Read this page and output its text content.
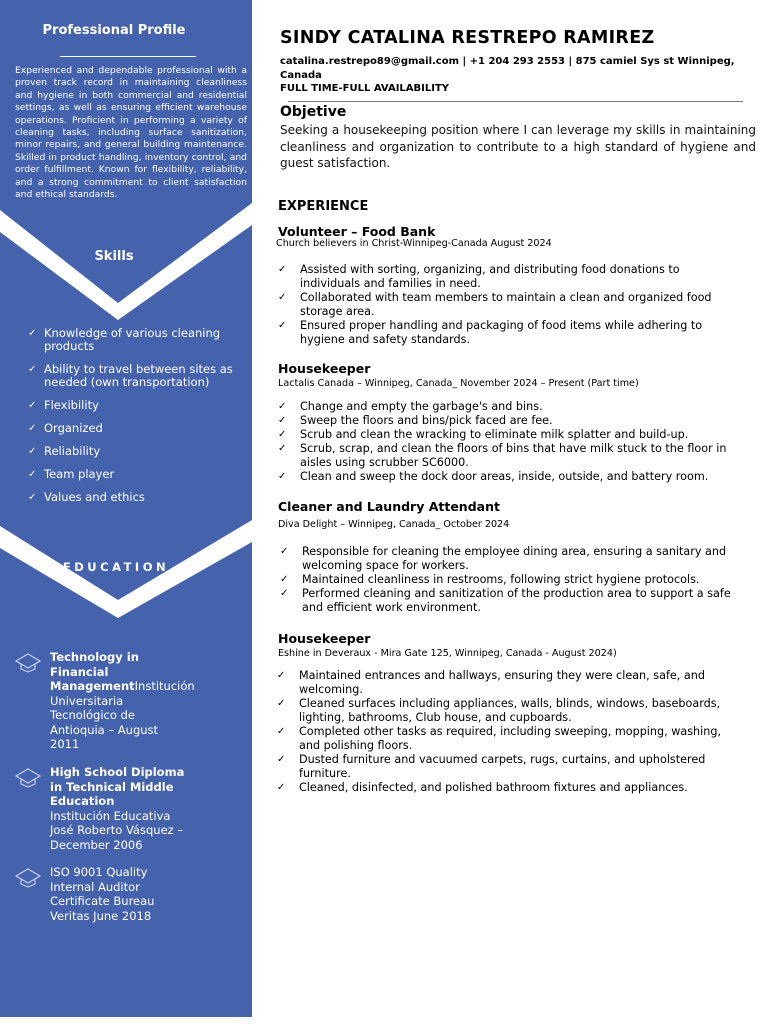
Professional Profile
Experienced and dependable professional with a proven track record in maintaining cleanliness and hygiene in both commercial and residential settings, as well as ensuring efficient warehouse operations. Proficient in performing a variety of cleaning tasks, including surface sanitization, minor repairs, and general building maintenance. Skilled in product handling, inventory control, and order fulfillment. Known for flexibility, reliability, and a strong commitment to client satisfaction and ethical standards.
Skills
✓ Knowledge of various cleaning products
✓ Ability to travel between sites as needed (own transportation)
✓ Flexibility
✓ Organized
✓ Reliability
✓ Team player
✓ Values and ethics
EDUCATION
Technology in Financial ManagementInstitución Universitaria Tecnológico de Antioquia – August 2011
High School Diploma in Technical Middle Education
Institución Educativa José Roberto Vásquez – December 2006
ISO 9001 Quality Internal Auditor Certificate Bureau Veritas June 2018
SINDY CATALINA RESTREPO RAMIREZ
catalina.restrepo89@gmail.com | +1 204 293 2553 | 875 camiel Sys st Winnipeg, Canada
FULL TIME-FULL AVAILABILITY
Objetive
Seeking a housekeeping position where I can leverage my skills in maintaining cleanliness and organization to contribute to a high standard of hygiene and guest satisfaction.
EXPERIENCE
Volunteer – Food Bank
Church believers in Christ-Winnipeg-Canada August 2024
✓ Assisted with sorting, organizing, and distributing food donations to individuals and families in need.
✓ Collaborated with team members to maintain a clean and organized food storage area.
✓ Ensured proper handling and packaging of food items while adhering to hygiene and safety standards.
Housekeeper
Lactalis Canada – Winnipeg, Canada_ November 2024 – Present (Part time)
✓ Change and empty the garbage's and bins.
✓ Sweep the floors and bins/pick faced are fee.
✓ Scrub and clean the wracking to eliminate milk splatter and build-up.
✓ Scrub, scrap, and clean the floors of bins that have milk stuck to the floor in aisles using scrubber SC6000.
✓ Clean and sweep the dock door areas, inside, outside, and battery room.
Cleaner and Laundry Attendant
Diva Delight – Winnipeg, Canada_ October 2024
✓ Responsible for cleaning the employee dining area, ensuring a sanitary and welcoming space for workers.
✓ Maintained cleanliness in restrooms, following strict hygiene protocols.
✓ Performed cleaning and sanitization of the production area to support a safe and efficient work environment.
Housekeeper
Eshine in Deveraux - Mira Gate 125, Winnipeg, Canada - August 2024)
✓ Maintained entrances and hallways, ensuring they were clean, safe, and welcoming.
✓ Cleaned surfaces including appliances, walls, blinds, windows, baseboards, lighting, bathrooms, Club house, and cupboards.
✓ Completed other tasks as required, including sweeping, mopping, washing, and polishing floors.
✓ Dusted furniture and vacuumed carpets, rugs, curtains, and upholstered furniture.
✓ Cleaned, disinfected, and polished bathroom fixtures and appliances.
